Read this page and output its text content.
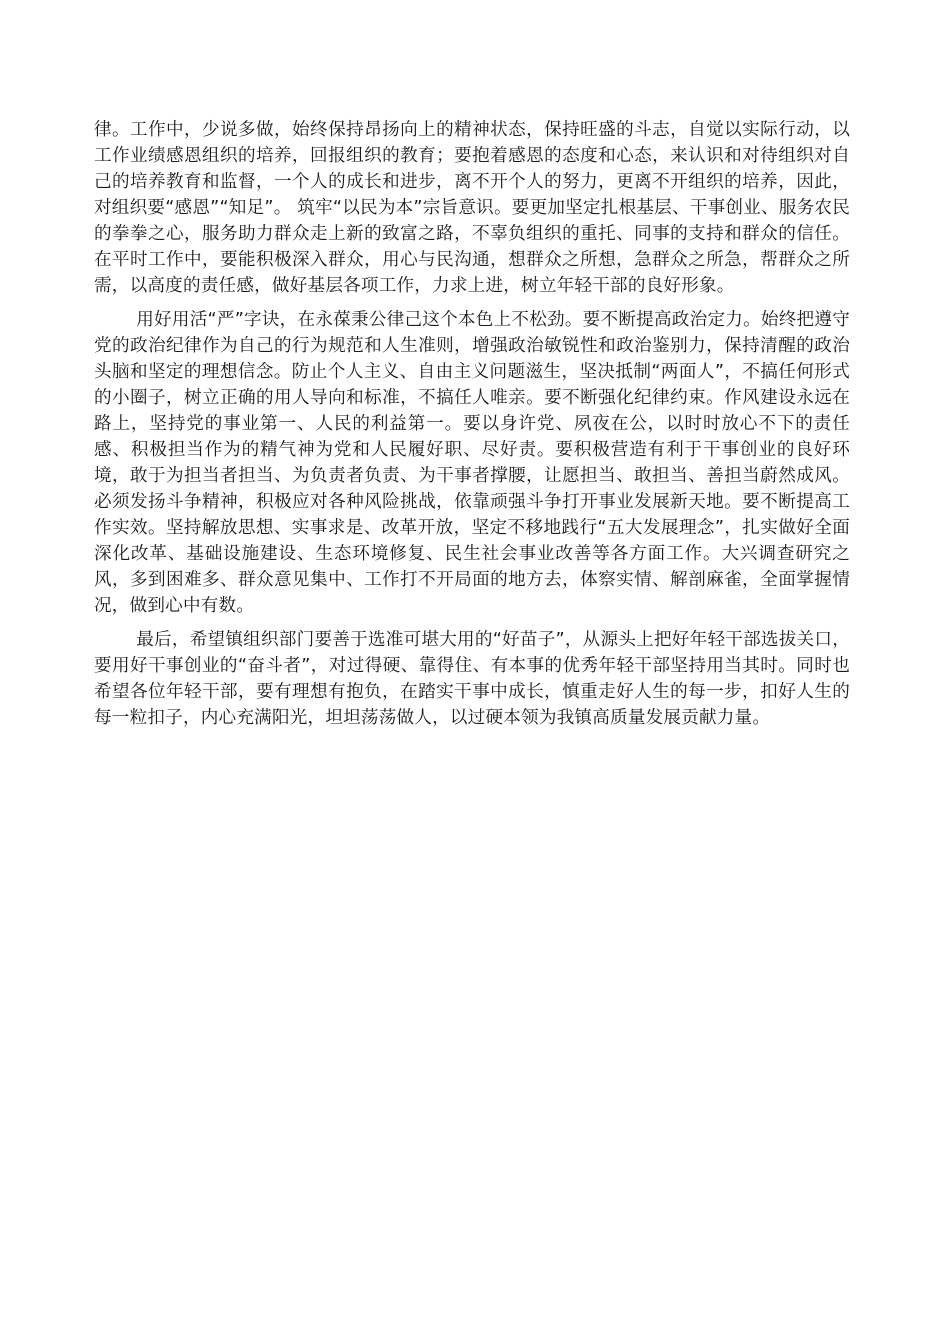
律。工作中，少说多做，始终保持昂扬向上的精神状态，保持旺盛的斗志，自觉以实际行动，以工作业绩感恩组织的培养，回报组织的教育；要抱着感恩的态度和心态，来认识和对待组织对自己的培养教育和监督，一个人的成长和进步，离不开个人的努力，更离不开组织的培养，因此，对组织要“感恩”“知足”。 筑牢“以民为本”宗旨意识。要更加坚定扎根基层、干事创业、服务农民的拳拳之心，服务助力群众走上新的致富之路，不辜负组织的重托、同事的支持和群众的信任。在平时工作中，要能积极深入群众，用心与民沟通，想群众之所想，急群众之所急，帮群众之所需，以高度的责任感，做好基层各项工作，力求上进，树立年轻干部的良好形象。

用好用活“严”字诀，在永葆秉公律己这个本色上不松劲。要不断提高政治定力。始终把遵守党的政治纪律作为自己的行为规范和人生准则，增强政治敏锐性和政治鉴别力，保持清醒的政治头脑和坚定的理想信念。防止个人主义、自由主义问题滋生，坚决抵制“两面人”，不搞任何形式的小圈子，树立正确的用人导向和标准，不搞任人唯亲。要不断强化纪律约束。作风建设永远在路上，坚持党的事业第一、人民的利益第一。要以身许党、夙夜在公，以时时放心不下的责任感、积极担当作为的精气神为党和人民履好职、尽好责。要积极营造有利于干事创业的良好环境，敢于为担当者担当、为负责者负责、为干事者撑腰，让愿担当、敢担当、善担当蔚然成风。必须发扬斗争精神，积极应对各种风险挑战，依靠顽强斗争打开事业发展新天地。要不断提高工作实效。坚持解放思想、实事求是、改革开放，坚定不移地践行“五大发展理念”，扎实做好全面深化改革、基础设施建设、生态环境修复、民生社会事业改善等各方面工作。大兴调查研究之风，多到困难多、群众意见集中、工作打不开局面的地方去，体察实情、解剖麻雀，全面掌握情况，做到心中有数。

最后，希望镇组织部门要善于选准可堪大用的“好苗子”，从源头上把好年轻干部选拔关口，要用好干事创业的“奋斗者”，对过得硬、靠得住、有本事的优秀年轻干部坚持用当其时。同时也希望各位年轻干部，要有理想有抱负，在踏实干事中成长，慎重走好人生的每一步，扣好人生的每一粒扣子，内心充满阳光，坦坦荡荡做人，以过硬本领为我镇高质量发展贡献力量。
